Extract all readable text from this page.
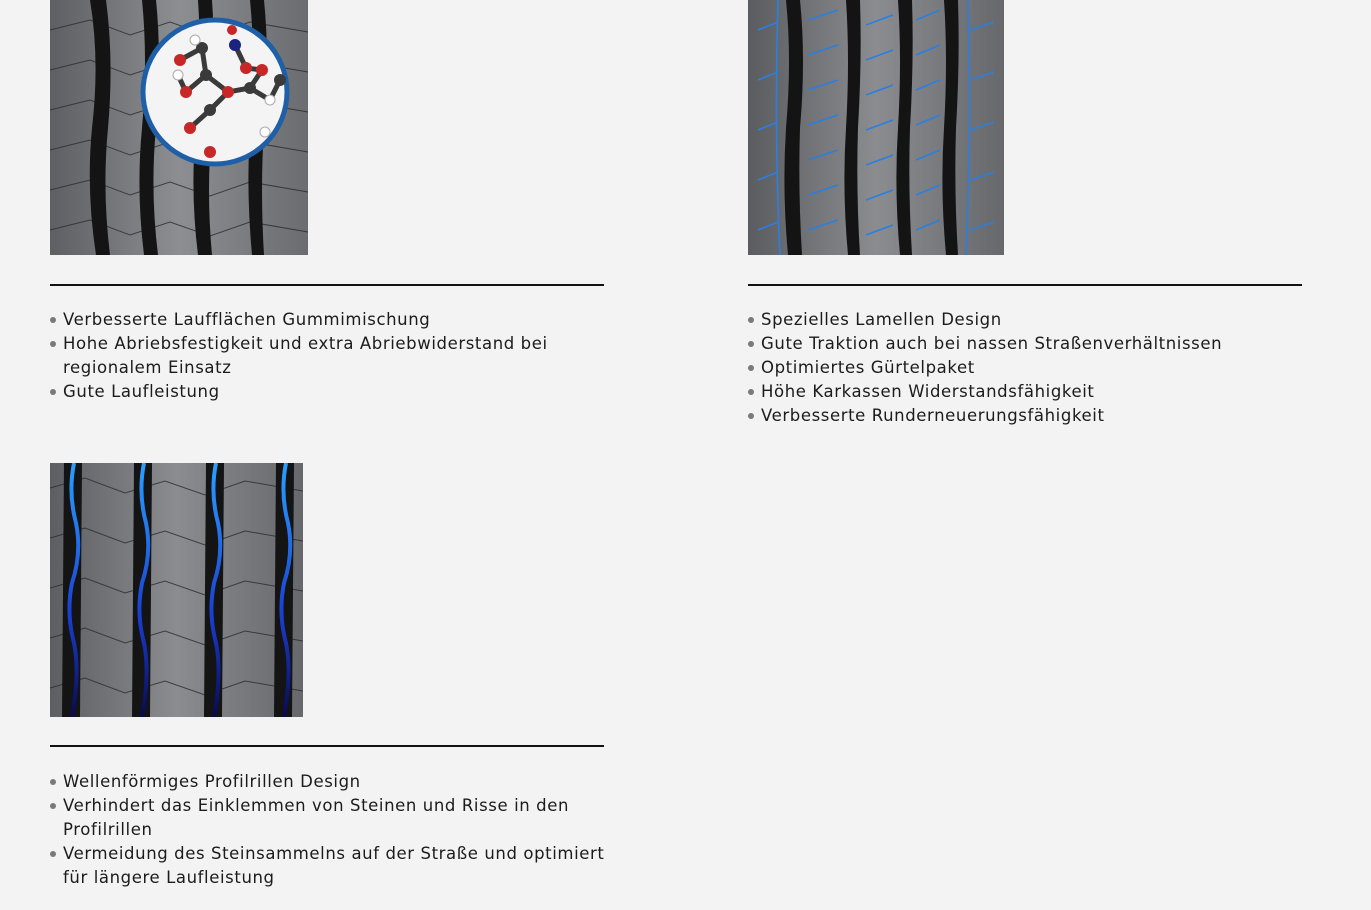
Verbesserte Laufflächen Gummimischung
Hohe Abriebsfestigkeit und extra Abriebwiderstand bei regionalem Einsatz
Gute Laufleistung
Spezielles Lamellen Design
Gute Traktion auch bei nassen Straßenverhältnissen
Optimiertes Gürtelpaket
Höhe Karkassen Widerstandsfähigkeit
Verbesserte Runderneuerungsfähigkeit
Wellenförmiges Profilrillen Design
Verhindert das Einklemmen von Steinen und Risse in den Profilrillen
Vermeidung des Steinsammelns auf der Straße und optimiert für längere Laufleistung
